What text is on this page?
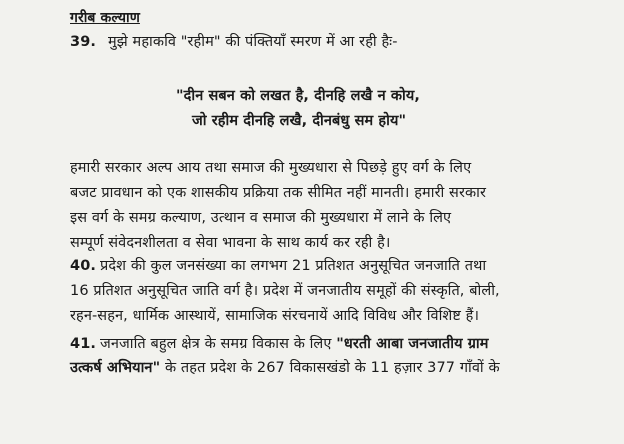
गरीब कल्याण
39. मुझे महाकवि "रहीम" की पंक्तियाँ स्मरण में आ रही हैः-
"दीन सबन को लखत है, दीनहि लखै न कोय,
जो रहीम दीनहि लखै, दीनबंधु सम होय"
हमारी सरकार अल्प आय तथा समाज की मुख्यधारा से पिछड़े हुए वर्ग के लिए
बजट प्रावधान को एक शासकीय प्रक्रिया तक सीमित नहीं मानती। हमारी सरकार
इस वर्ग के समग्र कल्याण, उत्थान व समाज की मुख्यधारा में लाने के लिए
सम्पूर्ण संवेदनशीलता व सेवा भावना के साथ कार्य कर रही है।
40. प्रदेश की कुल जनसंख्या का लगभग 21 प्रतिशत अनुसूचित जनजाति तथा
16 प्रतिशत अनुसूचित जाति वर्ग है। प्रदेश में जनजातीय समूहों की संस्कृति, बोली,
रहन-सहन, धार्मिक आस्थायें, सामाजिक संरचनायें आदि विविध और विशिष्ट हैं।
41. जनजाति बहुल क्षेत्र के समग्र विकास के लिए "धरती आबा जनजातीय ग्राम
उत्कर्ष अभियान" के तहत प्रदेश के 267 विकासखंडो के 11 हज़ार 377 गाँवों के
